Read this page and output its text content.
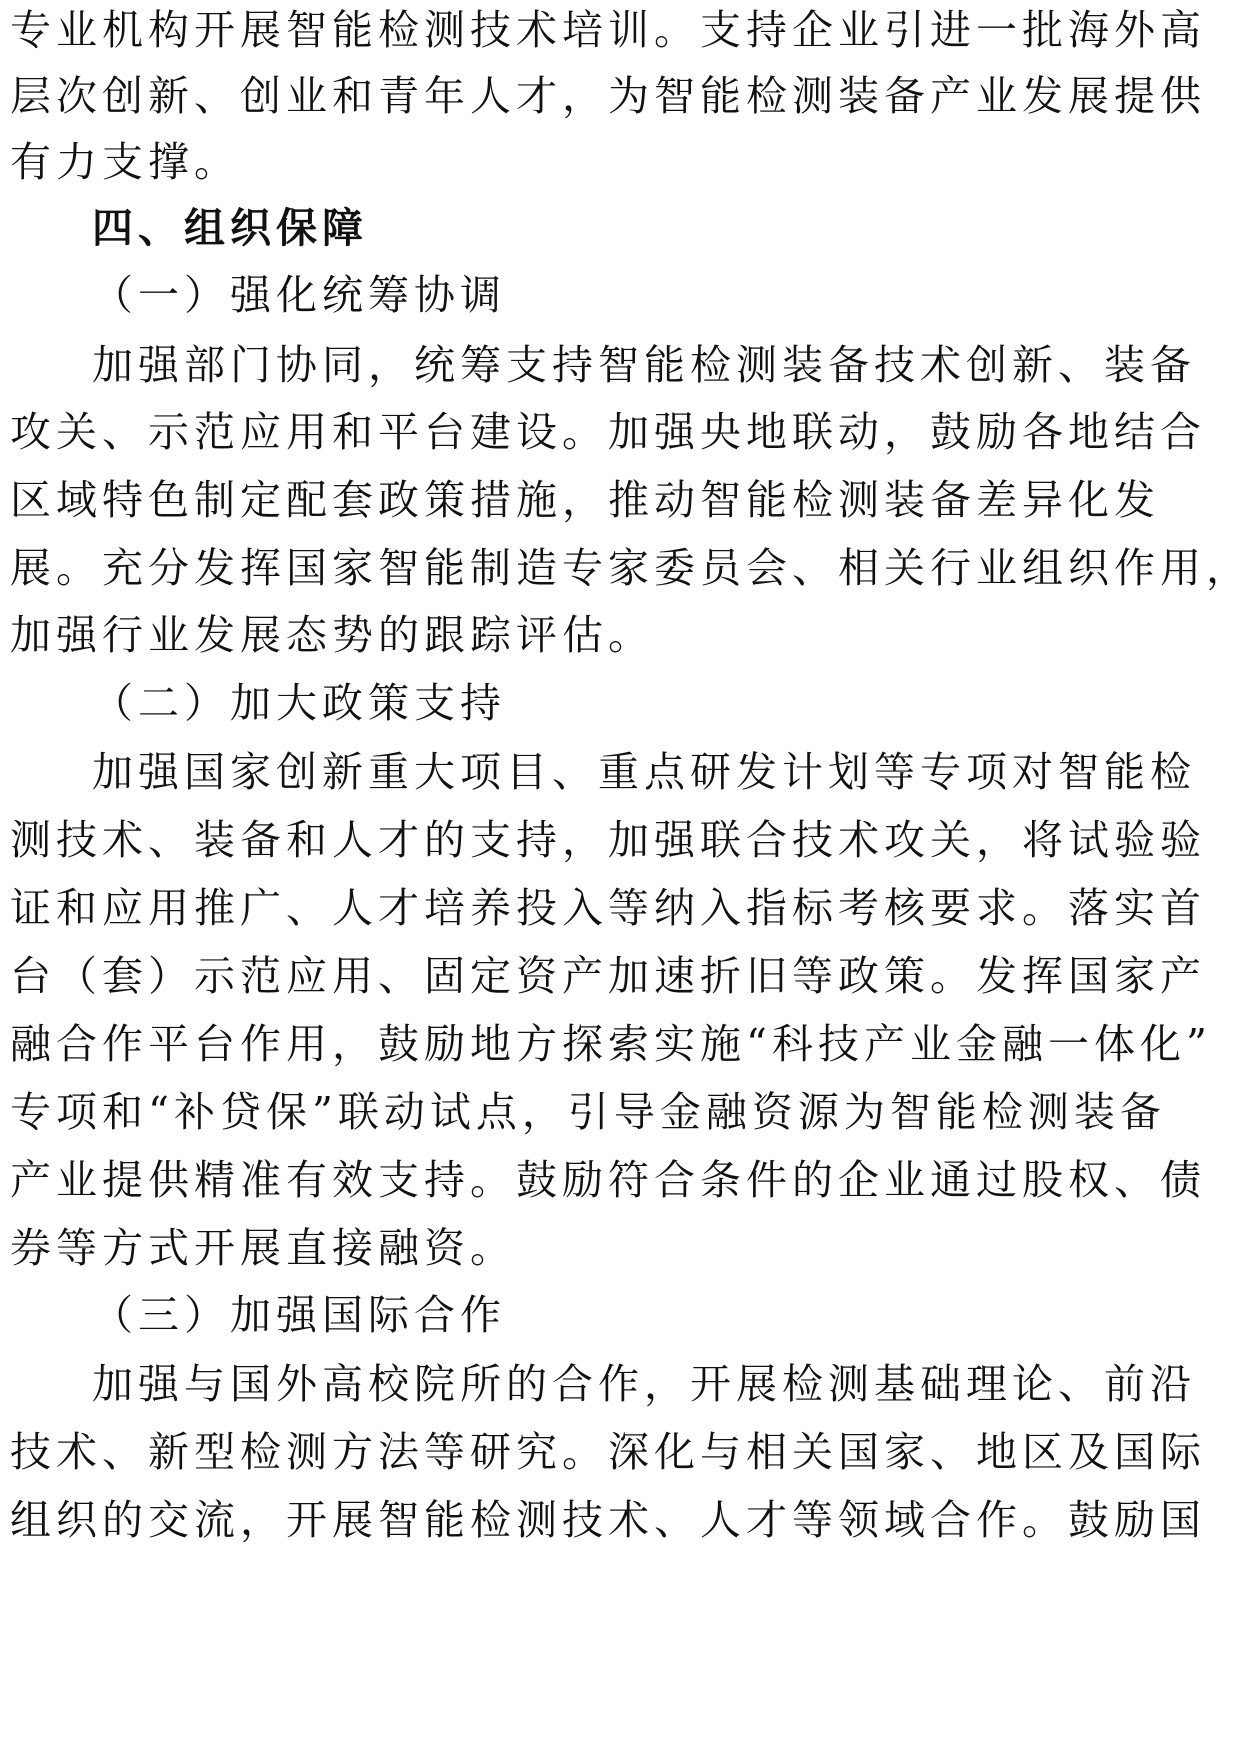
专业机构开展智能检测技术培训。支持企业引进一批海外高
层次创新、创业和青年人才，为智能检测装备产业发展提供
有力支撑。
四、组织保障
（一）强化统筹协调
加强部门协同，统筹支持智能检测装备技术创新、装备
攻关、示范应用和平台建设。加强央地联动，鼓励各地结合
区域特色制定配套政策措施，推动智能检测装备差异化发
展。充分发挥国家智能制造专家委员会、相关行业组织作用，
加强行业发展态势的跟踪评估。
（二）加大政策支持
加强国家创新重大项目、重点研发计划等专项对智能检
测技术、装备和人才的支持，加强联合技术攻关，将试验验
证和应用推广、人才培养投入等纳入指标考核要求。落实首
台（套）示范应用、固定资产加速折旧等政策。发挥国家产
融合作平台作用，鼓励地方探索实施“科技产业金融一体化”
专项和“补贷保”联动试点，引导金融资源为智能检测装备
产业提供精准有效支持。鼓励符合条件的企业通过股权、债
券等方式开展直接融资。
（三）加强国际合作
加强与国外高校院所的合作，开展检测基础理论、前沿
技术、新型检测方法等研究。深化与相关国家、地区及国际
组织的交流，开展智能检测技术、人才等领域合作。鼓励国
